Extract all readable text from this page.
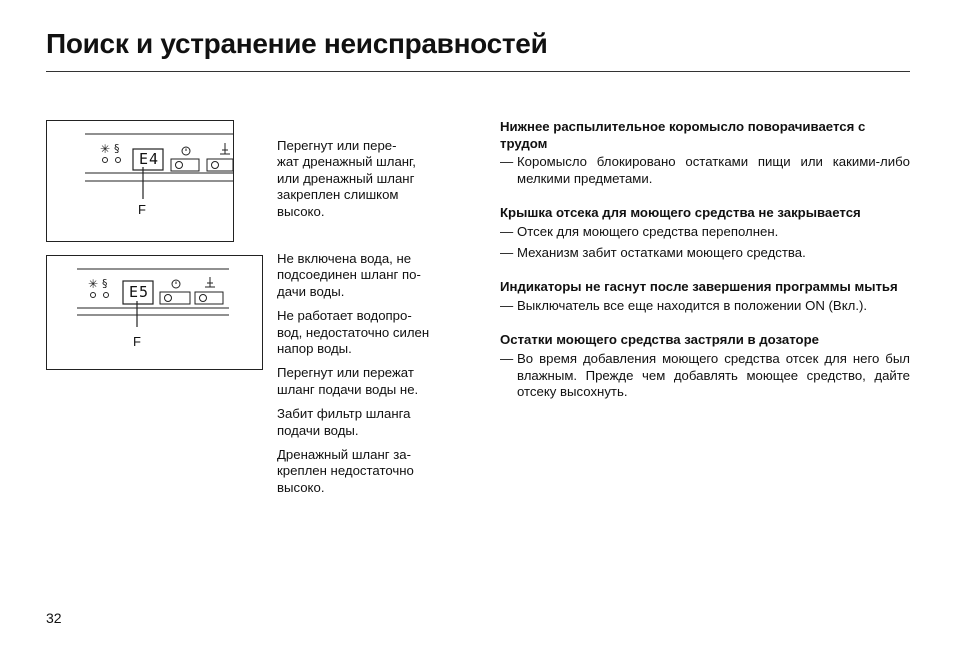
Поиск и устранение неисправностей
✳ §
E4
F
✳ § E5
F

Перегнут или пере-
жат дренажный шланг,
или дренажный шланг
закреплен слишком
высоко.

Не включена вода, не
подсоединен шланг по-
дачи воды.

Не работает водопро-
вод, недостаточно силен
напор воды.

Перегнут или пережат
шланг подачи воды не.

Забит фильтр шланга
подачи воды.

Дренажный шланг за-
креплен недостаточно
высоко.

Нижнее распылительное коромысло поворачивается с трудом
— Коромысло блокировано остатками пищи или какими-либо мелкими предметами.
Крышка отсека для моющего средства не закрывается
— Отсек для моющего средства переполнен.
— Механизм забит остатками моющего средства.
Индикаторы не гаснут после завершения программы мытья
— Выключатель все еще находится в положении ON (Вкл.).
Остатки моющего средства застряли в дозаторе
— Во время добавления моющего средства отсек для него был влажным. Прежде чем добавлять моющее средство, дайте отсеку высохнуть.
32
